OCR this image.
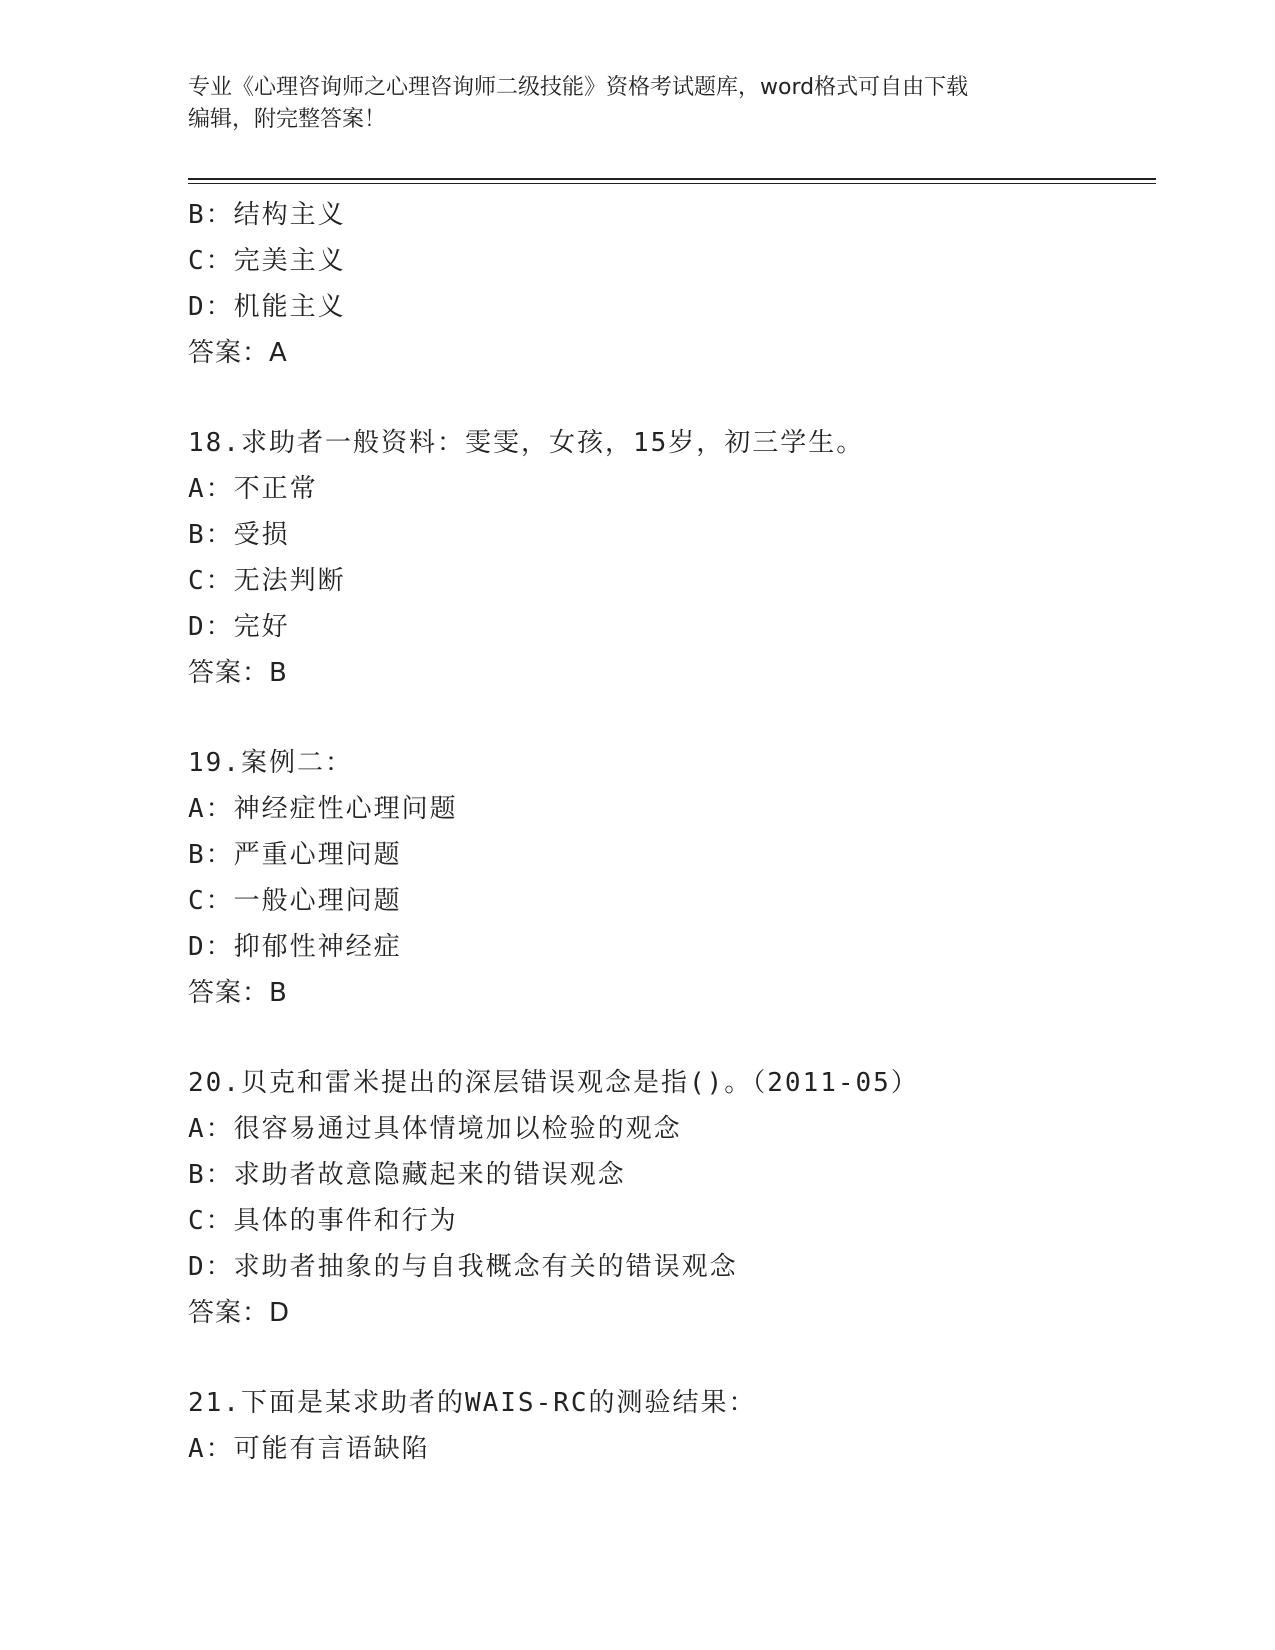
专业《心理咨询师之心理咨询师二级技能》资格考试题库，word格式可自由下载
编辑，附完整答案！
B：结构主义
C：完美主义
D：机能主义
答案：A
18.求助者一般资料：雯雯，女孩，15岁，初三学生。
A：不正常
B：受损
C：无法判断
D：完好
答案：B
19.案例二：
A：神经症性心理问题
B：严重心理问题
C：一般心理问题
D：抑郁性神经症
答案：B
20.贝克和雷米提出的深层错误观念是指()。（2011-05）
A：很容易通过具体情境加以检验的观念
B：求助者故意隐藏起来的错误观念
C：具体的事件和行为
D：求助者抽象的与自我概念有关的错误观念
答案：D
21.下面是某求助者的WAIS-RC的测验结果：
A：可能有言语缺陷
